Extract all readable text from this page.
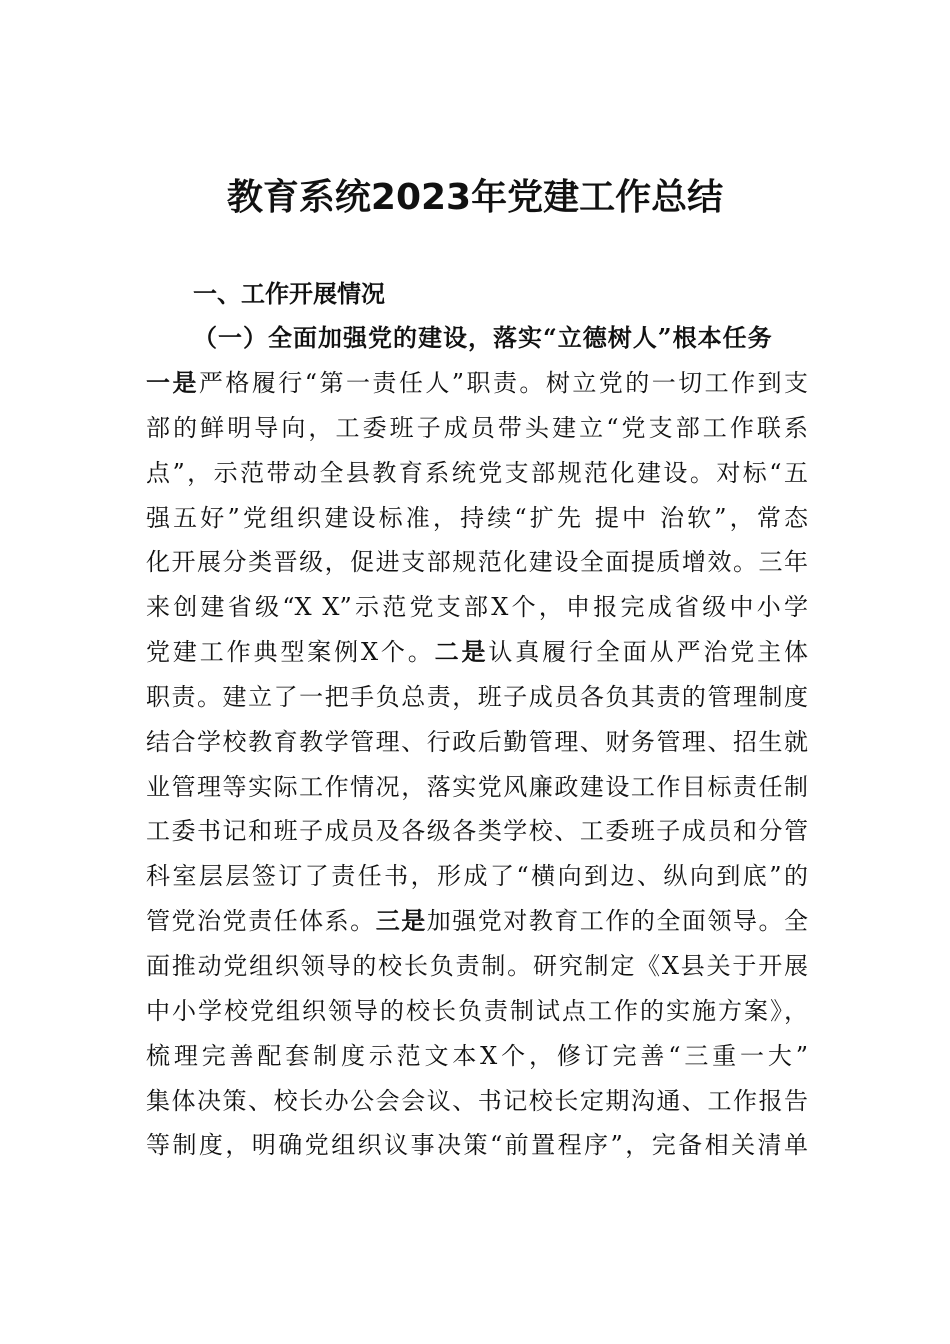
教育系统2023年党建工作总结
一、工作开展情况
（一）全面加强党的建设，落实“立德树人”根本任务
一是严格履行“第一责任人”职责。树立党的一切工作到支
部的鲜明导向，工委班子成员带头建立“党支部工作联系
点”，示范带动全县教育系统党支部规范化建设。对标“五
强五好”党组织建设标准，持续“扩先 提中 治软”，常态
化开展分类晋级，促进支部规范化建设全面提质增效。三年
来创建省级“X X”示范党支部X个，申报完成省级中小学
党建工作典型案例X个。二是认真履行全面从严治党主体
职责。建立了一把手负总责，班子成员各负其责的管理制度
结合学校教育教学管理、行政后勤管理、财务管理、招生就
业管理等实际工作情况，落实党风廉政建设工作目标责任制
工委书记和班子成员及各级各类学校、工委班子成员和分管
科室层层签订了责任书，形成了“横向到边、纵向到底”的
管党治党责任体系。三是加强党对教育工作的全面领导。全
面推动党组织领导的校长负责制。研究制定《X县关于开展
中小学校党组织领导的校长负责制试点工作的实施方案》，
梳理完善配套制度示范文本X个，修订完善“三重一大”
集体决策、校长办公会会议、书记校长定期沟通、工作报告
等制度，明确党组织议事决策“前置程序”，完备相关清单
